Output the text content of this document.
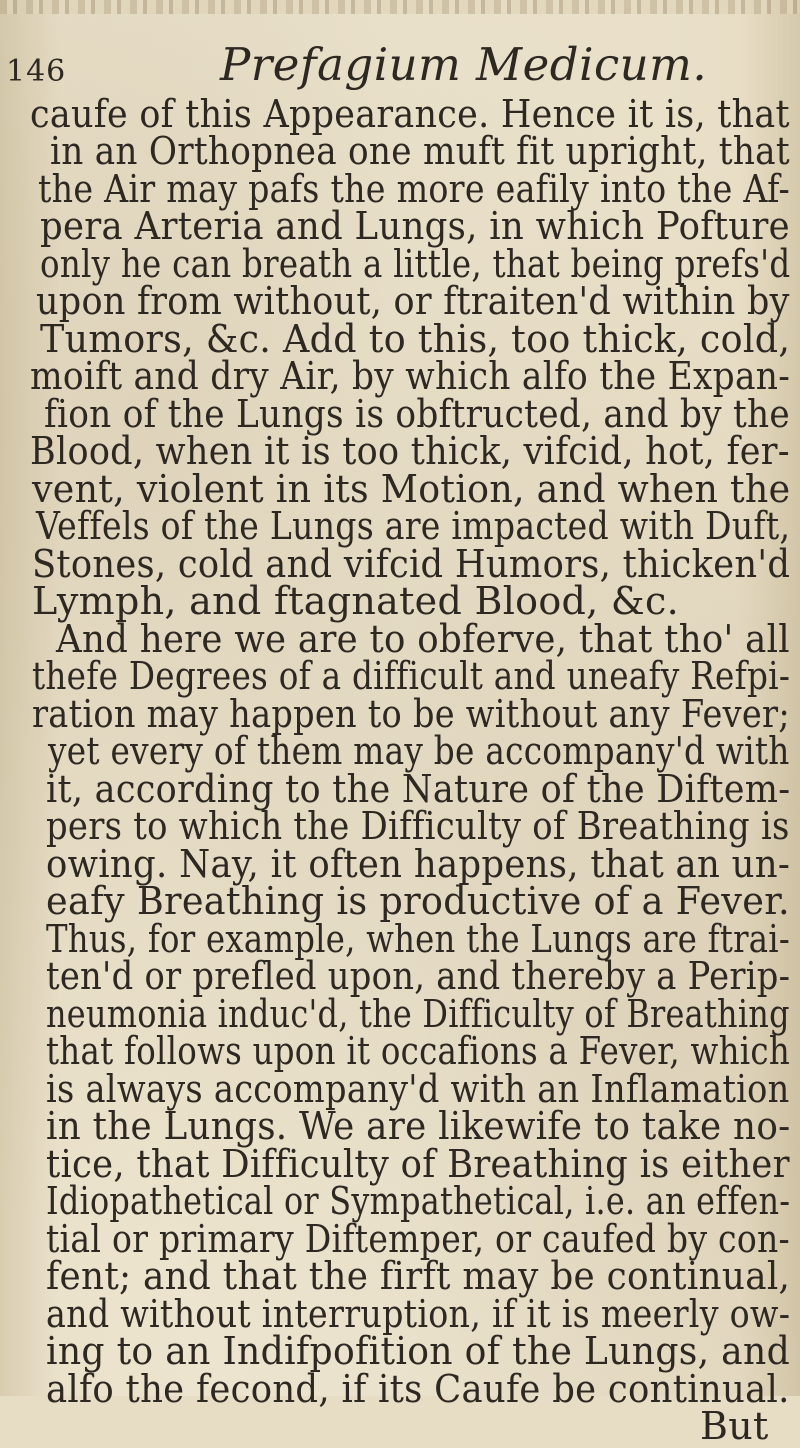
146	Prefagium Medicum.
caufe of this Appearance. Hence it is, that
in an Orthopnea one muft fit upright, that
the Air may pafs the more eafily into the Af-
pera Arteria and Lungs, in which Pofture
only he can breath a little, that being prefs'd
upon from without, or ftraiten'd within by
Tumors, &c. Add to this, too thick, cold,
moift and dry Air, by which alfo the Expan-
fion of the Lungs is obftructed, and by the
Blood, when it is too thick, vifcid, hot, fer-
vent, violent in its Motion, and when the
Veffels of the Lungs are impacted with Duft,
Stones, cold and vifcid Humors, thicken'd
Lymph, and ftagnated Blood, &c.
And here we are to obferve, that tho' all
thefe Degrees of a difficult and uneafy Refpi-
ration may happen to be without any Fever;
yet every of them may be accompany'd with
it, according to the Nature of the Diftem-
pers to which the Difficulty of Breathing is
owing. Nay, it often happens, that an un-
eafy Breathing is productive of a Fever.
Thus, for example, when the Lungs are ftrai-
ten'd or prefled upon, and thereby a Perip-
neumonia induc'd, the Difficulty of Breathing
that follows upon it occafions a Fever, which
is always accompany'd with an Inflamation
in the Lungs. We are likewife to take no-
tice, that Difficulty of Breathing is either
Idiopathetical or Sympathetical, i.e. an effen-
tial or primary Diftemper, or caufed by con-
fent; and that the firft may be continual,
and without interruption, if it is meerly ow-
ing to an Indifpofition of the Lungs, and
alfo the fecond, if its Caufe be continual.
But
